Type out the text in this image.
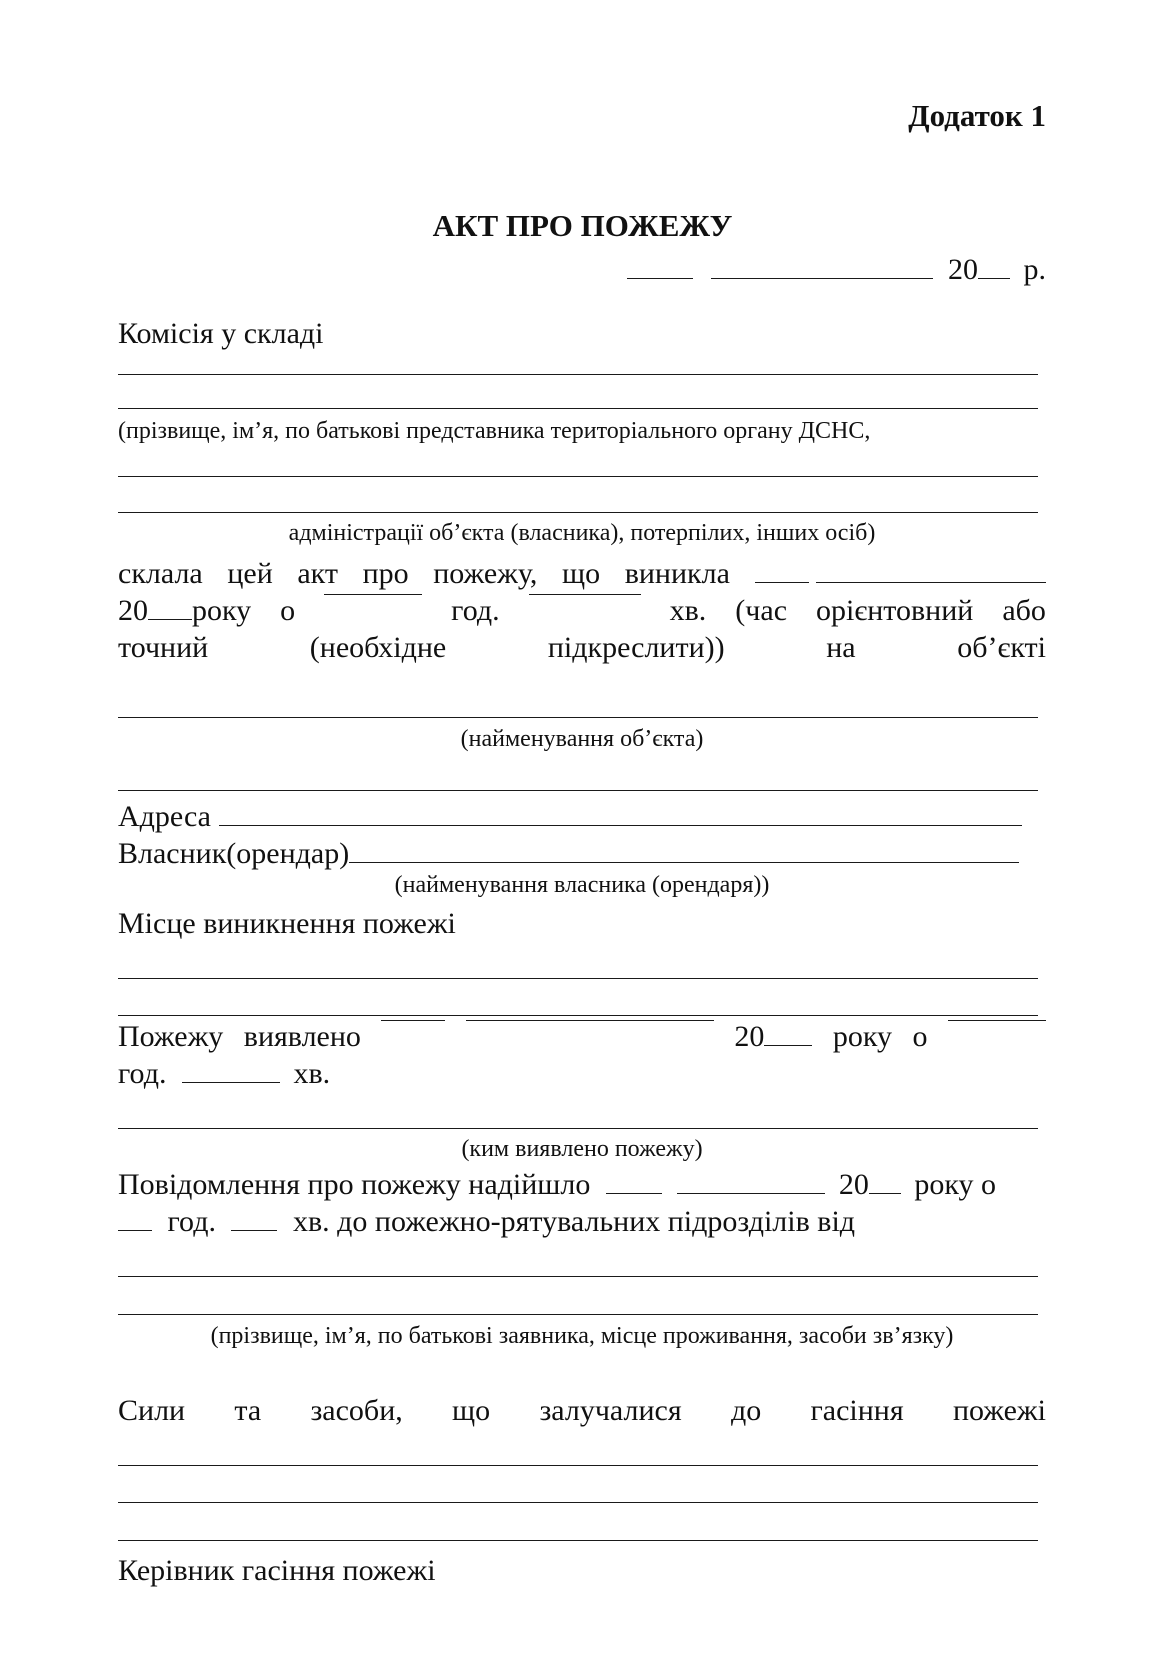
Додаток 1
АКТ ПРО ПОЖЕЖУ
20 р.
Комісія у складі
(прізвище, ім’я, по батькові представника територіального органу ДСНС,
адміністрації об’єкта (власника), потерпілих, інших осіб)
склала цей акт про пожежу, що виникла

20 року о	год.	хв. (час орієнтовний або
точний	(необхідне	підкреслити))	на	об’єкті
(найменування об’єкта)
Адреса
Власник(орендар)
(найменування власника (орендаря))
Місце виникнення пожежі
Пожежу виявлено	20	року о
год.	хв.
(ким виявлено пожежу)
Повідомлення про пожежу надійшло	20 року о
год.	хв. до пожежно-рятувальних підрозділів від
(прізвище, ім’я, по батькові заявника, місце проживання, засоби зв’язку)
Сили та засоби, що залучалися до гасіння пожежі
Керівник гасіння пожежі
